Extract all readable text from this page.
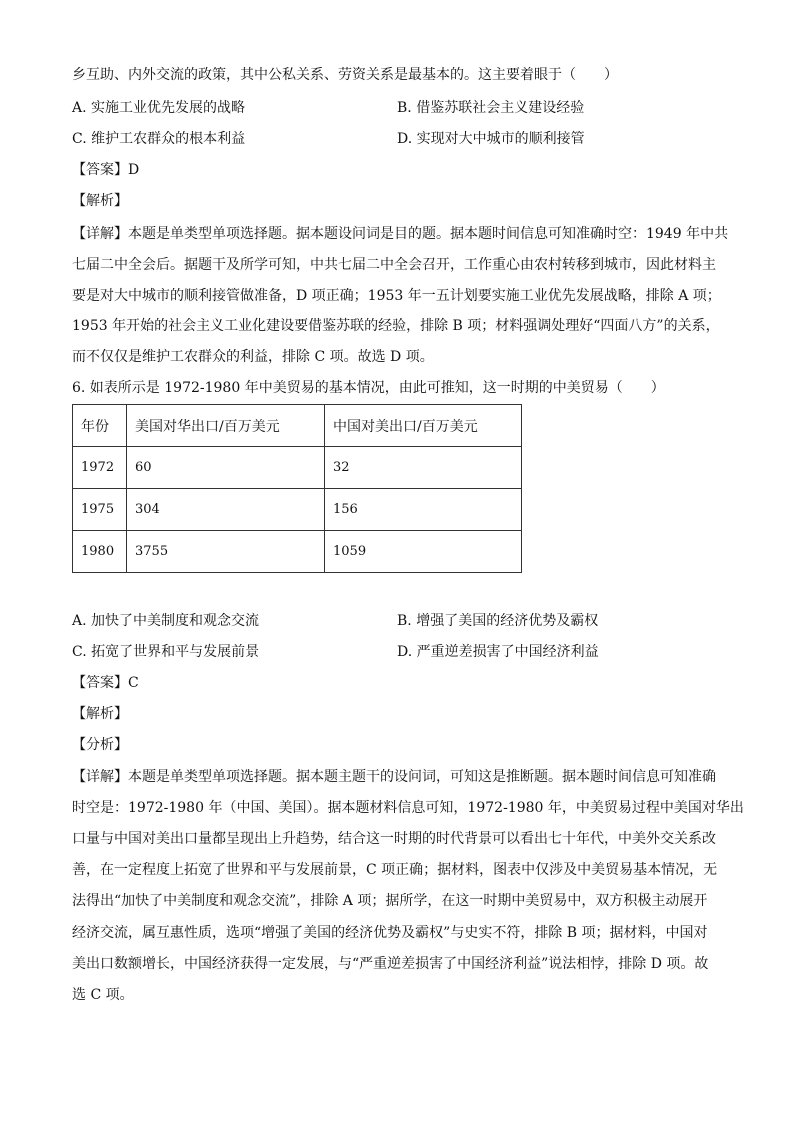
乡互助、内外交流的政策，其中公私关系、劳资关系是最基本的。这主要着眼于（　　）
A. 实施工业优先发展的战略	B. 借鉴苏联社会主义建设经验
C. 维护工农群众的根本利益	D. 实现对大中城市的顺利接管
【答案】D
【解析】
【详解】本题是单类型单项选择题。据本题设问词是目的题。据本题时间信息可知准确时空：1949 年中共
七届二中全会后。据题干及所学可知，中共七届二中全会召开，工作重心由农村转移到城市，因此材料主
要是对大中城市的顺利接管做准备，D 项正确；1953 年一五计划要实施工业优先发展战略，排除 A 项；
1953 年开始的社会主义工业化建设要借鉴苏联的经验，排除 B 项；材料强调处理好“四面八方”的关系，
而不仅仅是维护工农群众的利益，排除 C 项。故选 D 项。
6. 如表所示是 1972-1980 年中美贸易的基本情况，由此可推知，这一时期的中美贸易（　　）
年份	美国对华出口/百万美元	中国对美出口/百万美元
1972	60	32
1975	304	156
1980	3755	1059
A. 加快了中美制度和观念交流	B. 增强了美国的经济优势及霸权
C. 拓宽了世界和平与发展前景	D. 严重逆差损害了中国经济利益
【答案】C
【解析】
【分析】
【详解】本题是单类型单项选择题。据本题主题干的设问词，可知这是推断题。据本题时间信息可知准确
时空是：1972-1980 年（中国、美国）。据本题材料信息可知，1972-1980 年，中美贸易过程中美国对华出
口量与中国对美出口量都呈现出上升趋势，结合这一时期的时代背景可以看出七十年代，中美外交关系改
善，在一定程度上拓宽了世界和平与发展前景，C 项正确；据材料，图表中仅涉及中美贸易基本情况，无
法得出“加快了中美制度和观念交流”，排除 A 项；据所学，在这一时期中美贸易中，双方积极主动展开
经济交流，属互惠性质，选项“增强了美国的经济优势及霸权”与史实不符，排除 B 项；据材料，中国对
美出口数额增长，中国经济获得一定发展，与“严重逆差损害了中国经济利益”说法相悖，排除 D 项。故
选 C 项。
